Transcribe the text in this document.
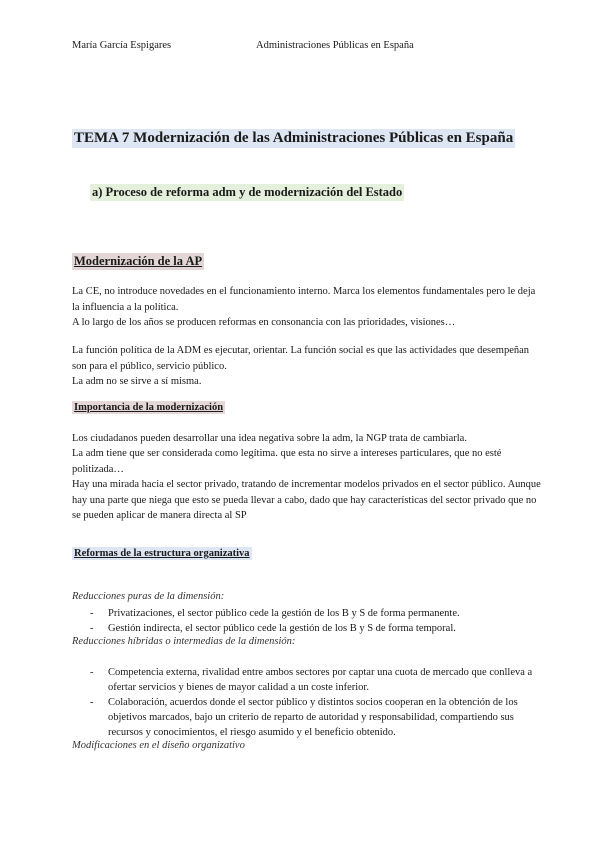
María García Espigares	Administraciones Públicas en España
TEMA 7 Modernización de las Administraciones Públicas en España
a) Proceso de reforma adm y de modernización del Estado
Modernización de la AP
La CE, no introduce novedades en el funcionamiento interno. Marca los elementos fundamentales pero le deja la influencia a la política.
A lo largo de los años se producen reformas en consonancia con las prioridades, visiones…
La función política de la ADM es ejecutar, orientar. La función social es que las actividades que desempeñan son para el público, servicio público.
La adm no se sirve a sí misma.
Importancia de la modernización
Los ciudadanos pueden desarrollar una idea negativa sobre la adm, la NGP trata de cambiarla.
La adm tiene que ser considerada como legítima. que esta no sirve a intereses particulares, que no esté politizada…
Hay una mirada hacia el sector privado, tratando de incrementar modelos privados en el sector público. Aunque hay una parte que niega que esto se pueda llevar a cabo, dado que hay características del sector privado que no se pueden aplicar de manera directa al SP
Reformas de la estructura organizativa
Reducciones puras de la dimensión:
- Privatizaciones, el sector público cede la gestión de los B y S de forma permanente.
- Gestión indirecta, el sector público cede la gestión de los B y S de forma temporal.
Reducciones híbridas o intermedias de la dimensión:
- Competencia externa, rivalidad entre ambos sectores por captar una cuota de mercado que conlleva a ofertar servicios y bienes de mayor calidad a un coste inferior.
- Colaboración, acuerdos donde el sector público y distintos socios cooperan en la obtención de los objetivos marcados, bajo un criterio de reparto de autoridad y responsabilidad, compartiendo sus recursos y conocimientos, el riesgo asumido y el beneficio obtenido.
Modificaciones en el diseño organizativo
